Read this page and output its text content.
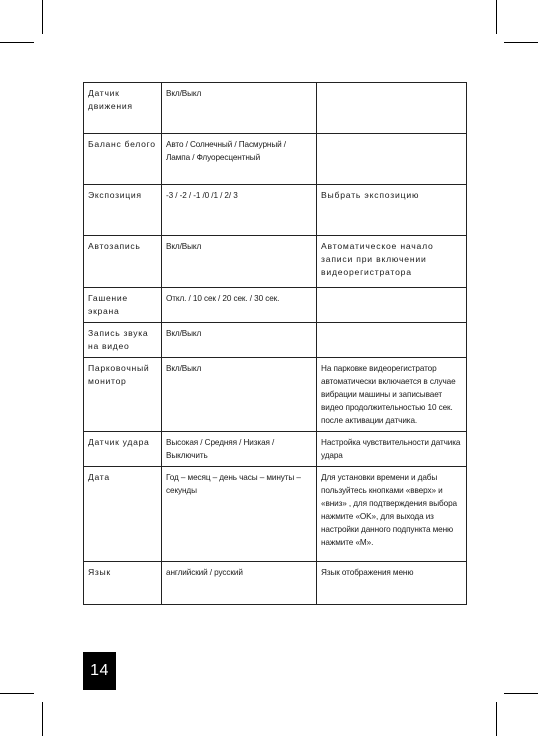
Датчик движения	Вкл/Выкл	
Баланс белого	Авто / Солнечный / Пасмурный / Лампа / Флуоресцентный	
Экспозиция	-3 / -2 / -1 /0 /1 / 2/ 3	Выбрать экспозицию
Автозапись	Вкл/Выкл	Автоматическое начало записи при включении видеорегистратора
Гашение экрана	Откл. / 10 сек / 20 сек. / 30 сек.	
Запись звука на видео	Вкл/Выкл	
Парковочный монитор	Вкл/Выкл	На парковке видеорегистратор автоматически включается в случае вибрации машины и записывает видео продолжительностью 10 сек. после активации датчика.
Датчик удара	Высокая / Средняя / Низкая / Выключить	Настройка чувствительности датчика удара
Дата	Год – месяц – день часы – минуты – секунды	Для установки времени и дабы пользуйтесь кнопками «вверх» и «вниз» , для подтверждения выбора нажмите «OK», для выхода из настройки данного подпункта меню нажмите «M».
Язык	английский / русский	Язык отображения меню
14
